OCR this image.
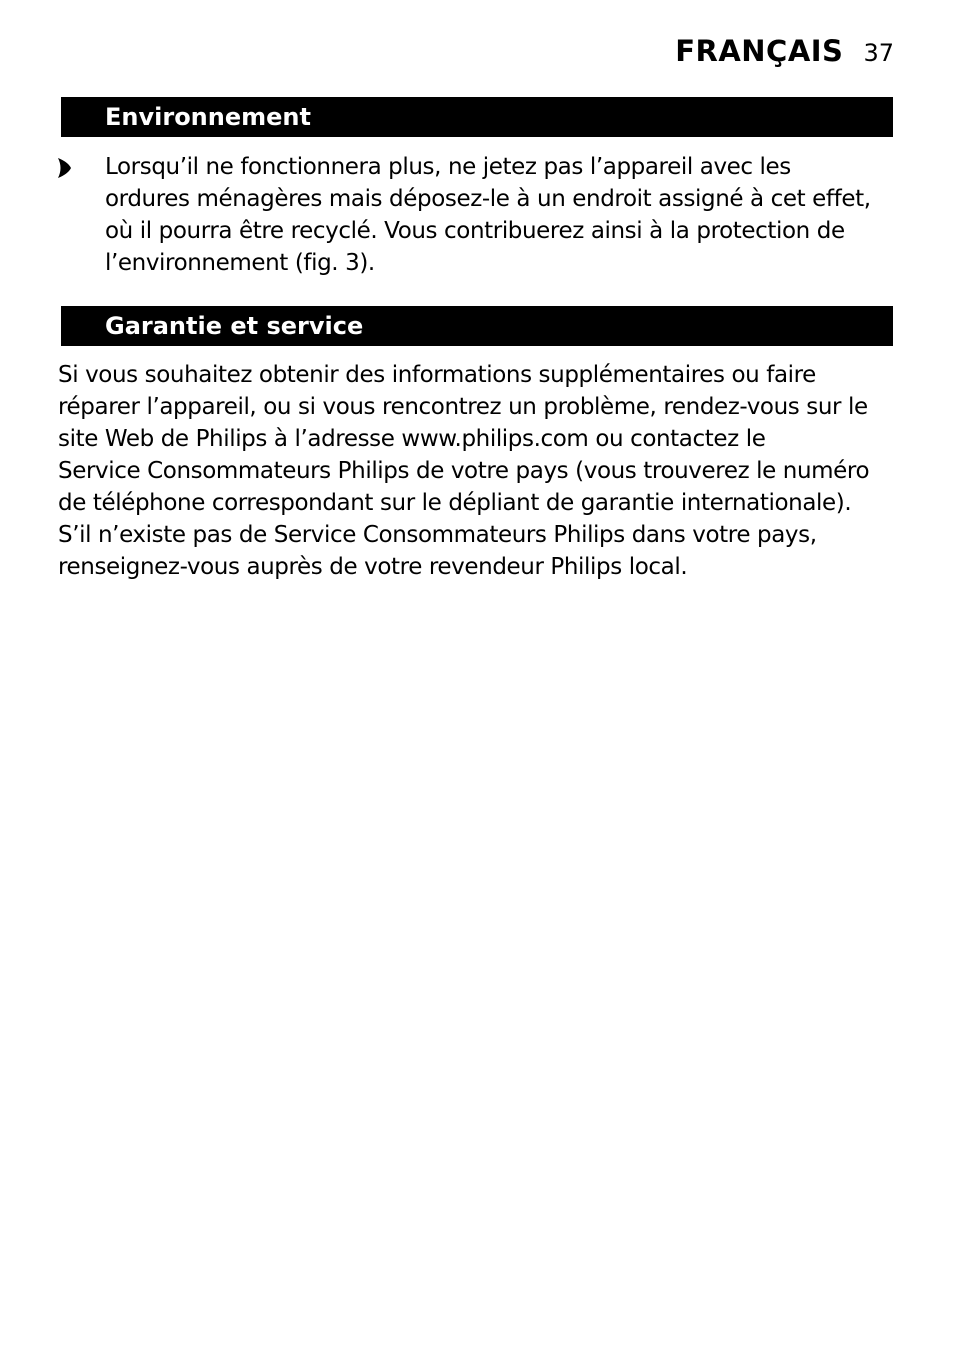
FRANÇAIS 37
Environnement
Lorsqu’il ne fonctionnera plus, ne jetez pas l’appareil avec les
ordures ménagères mais déposez-le à un endroit assigné à cet effet,
où il pourra être recyclé. Vous contribuerez ainsi à la protection de
l’environnement (fig. 3).
Garantie et service
Si vous souhaitez obtenir des informations supplémentaires ou faire
réparer l’appareil, ou si vous rencontrez un problème, rendez-vous sur le
site Web de Philips à l’adresse www.philips.com ou contactez le
Service Consommateurs Philips de votre pays (vous trouverez le numéro
de téléphone correspondant sur le dépliant de garantie internationale).
S’il n’existe pas de Service Consommateurs Philips dans votre pays,
renseignez-vous auprès de votre revendeur Philips local.
